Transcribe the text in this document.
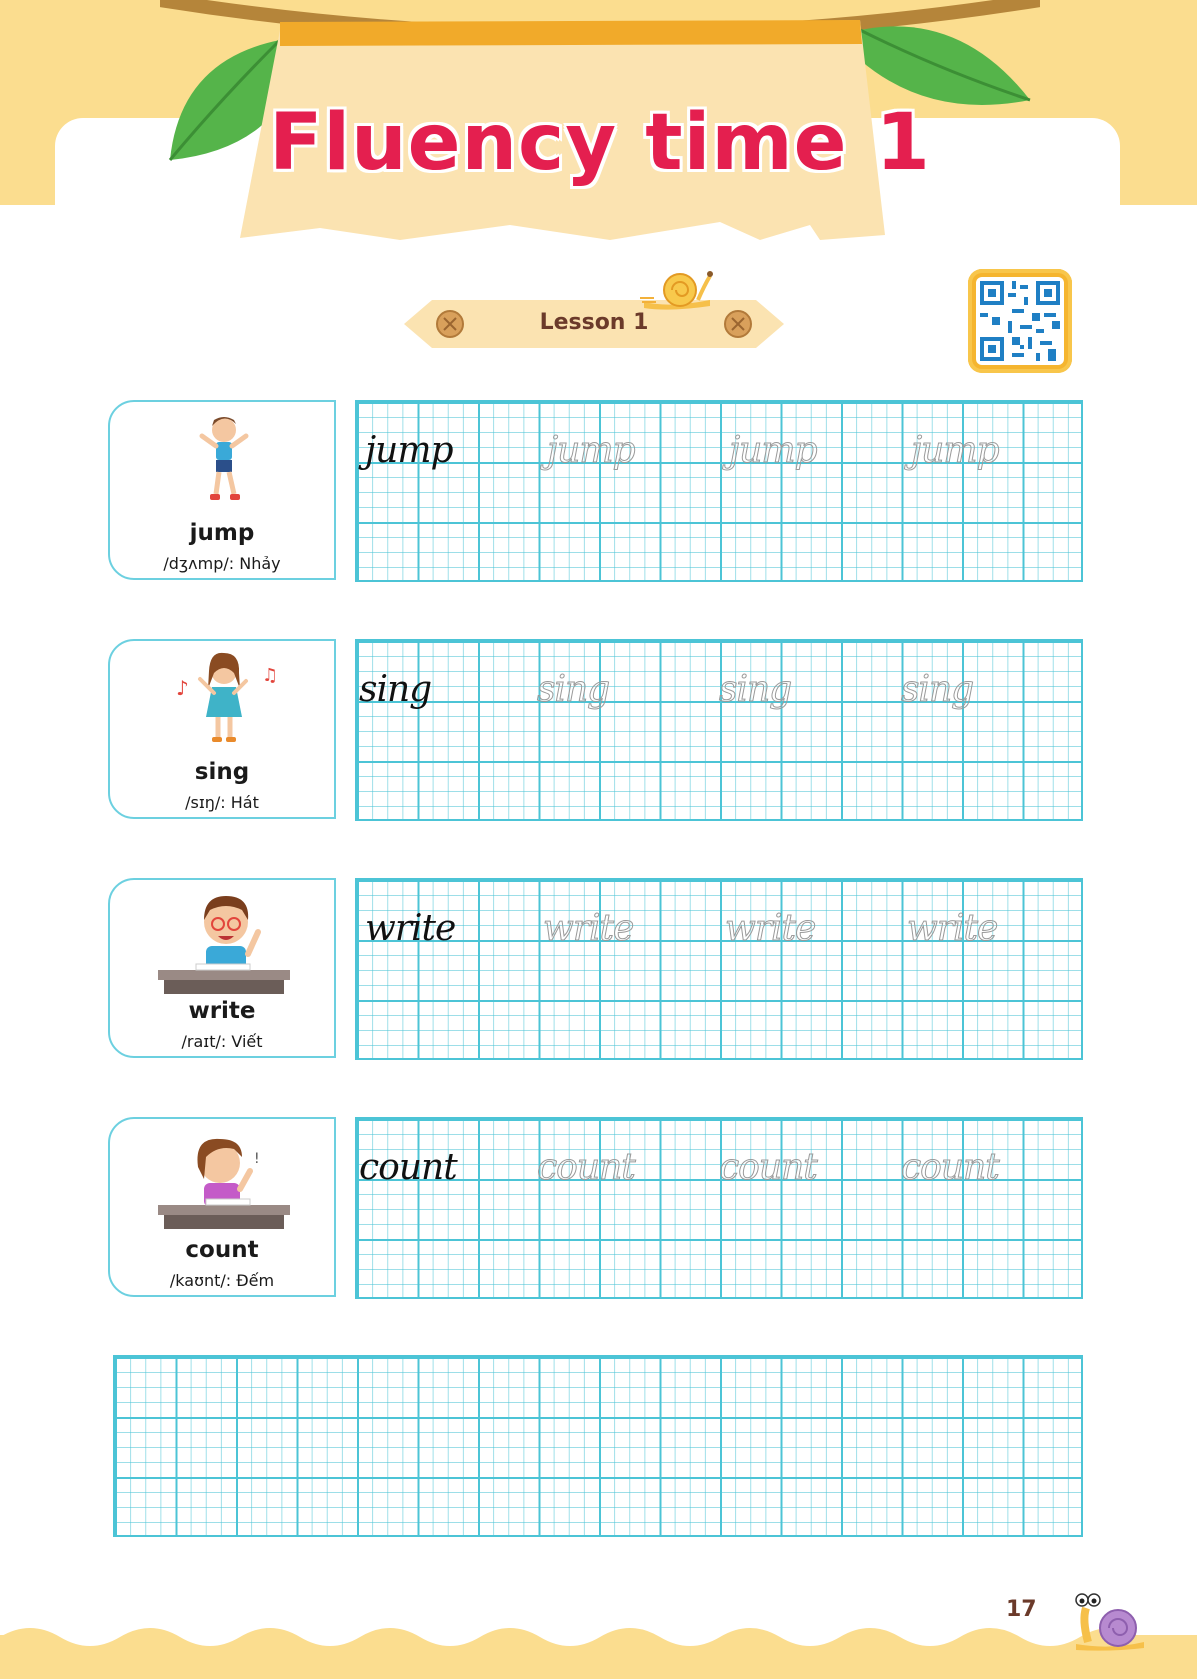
Fluency time 1
Lesson 1
jump
/dʒʌmp/: Nhảy
jump	jump	jump	jump
♪
♫
sing
/sɪŋ/: Hát
sing	sing	sing	sing
write
/raɪt/: Viết
write write	write	write
!
count
/kaʊnt/: Đếm
count count count count
17
